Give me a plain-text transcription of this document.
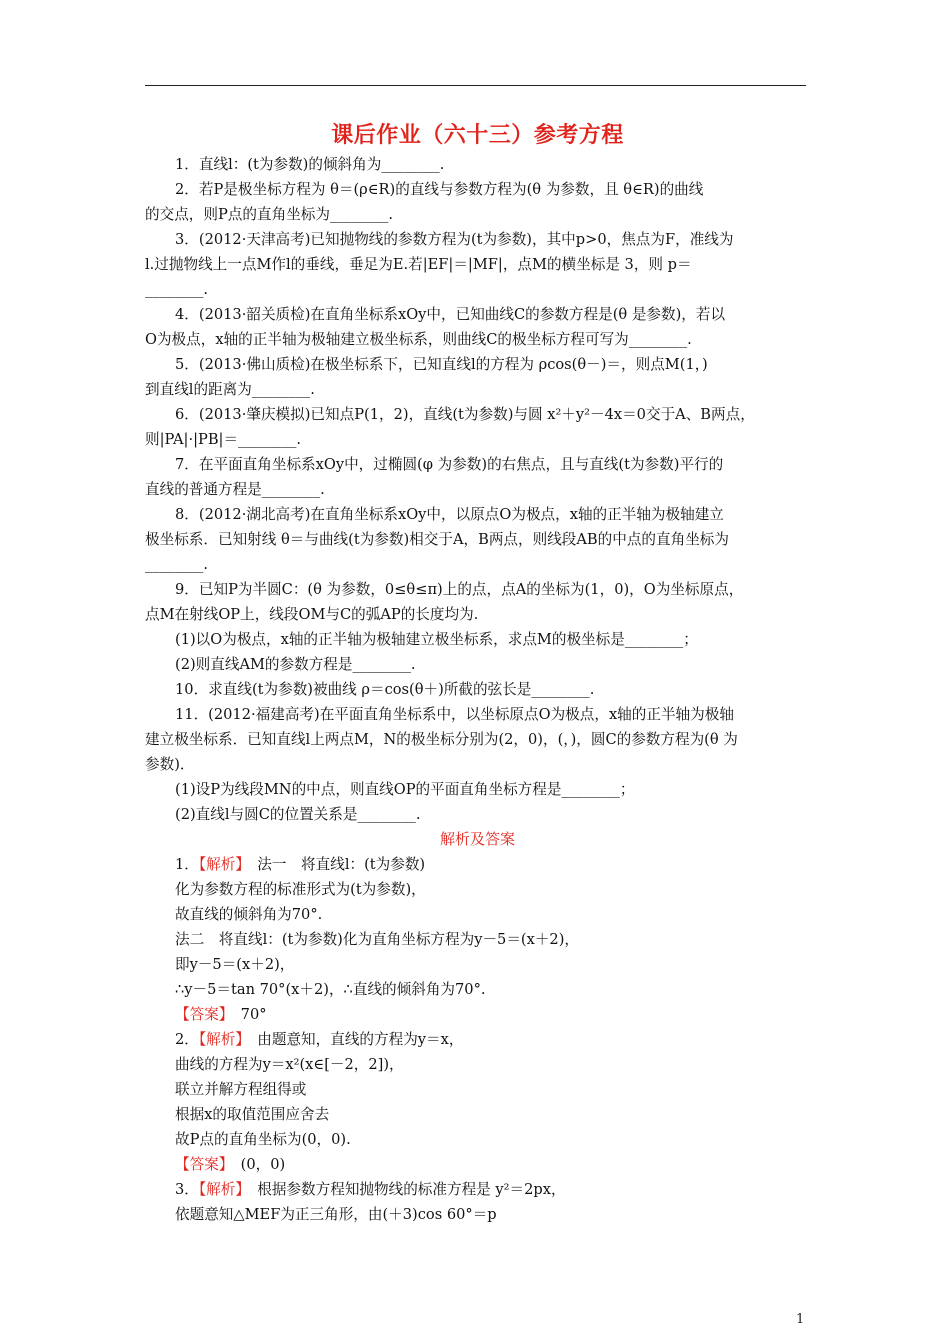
课后作业（六十三）参考方程
1．直线l：(t为参数)的倾斜角为________.
2．若P是极坐标方程为 θ＝(ρ∈R)的直线与参数方程为(θ 为参数，且 θ∈R)的曲线
的交点，则P点的直角坐标为________.
3．(2012·天津高考)已知抛物线的参数方程为(t为参数)，其中p>0，焦点为F，准线为
l.过抛物线上一点M作l的垂线，垂足为E.若|EF|＝|MF|，点M的横坐标是 3，则 p＝
________.
4．(2013·韶关质检)在直角坐标系xOy中，已知曲线C的参数方程是(θ 是参数)，若以
O为极点，x轴的正半轴为极轴建立极坐标系，则曲线C的极坐标方程可写为________.
5．(2013·佛山质检)在极坐标系下，已知直线l的方程为 ρcos(θ－)＝，则点M(1，)
到直线l的距离为________.
6．(2013·肇庆模拟)已知点P(1，2)，直线(t为参数)与圆 x²＋y²－4x＝0交于A、B两点，
则|PA|·|PB|＝________.
7．在平面直角坐标系xOy中，过椭圆(φ 为参数)的右焦点，且与直线(t为参数)平行的
直线的普通方程是________.
8．(2012·湖北高考)在直角坐标系xOy中，以原点O为极点，x轴的正半轴为极轴建立
极坐标系．已知射线 θ＝与曲线(t为参数)相交于A，B两点，则线段AB的中点的直角坐标为
________.
9．已知P为半圆C：(θ 为参数，0≤θ≤π)上的点，点A的坐标为(1，0)，O为坐标原点，
点M在射线OP上，线段OM与C的弧AP的长度均为.
(1)以O为极点，x轴的正半轴为极轴建立极坐标系，求点M的极坐标是________；
(2)则直线AM的参数方程是________.
10．求直线(t为参数)被曲线 ρ＝cos(θ＋)所截的弦长是________.
11．(2012·福建高考)在平面直角坐标系中，以坐标原点O为极点，x轴的正半轴为极轴
建立极坐标系．已知直线l上两点M，N的极坐标分别为(2，0)，(，)，圆C的参数方程为(θ 为
参数)．
(1)设P为线段MN的中点，则直线OP的平面直角坐标方程是________；
(2)直线l与圆C的位置关系是________.
解析及答案
1．【解析】　法一　将直线l：(t为参数)
化为参数方程的标准形式为(t为参数)，
故直线的倾斜角为70°.
法二　将直线l：(t为参数)化为直角坐标方程为y－5＝(x＋2)，
即y－5＝(x＋2)，
∴y－5＝tan 70°(x＋2)，∴直线的倾斜角为70°.
【答案】　70°
2．【解析】　由题意知，直线的方程为y＝x，
曲线的方程为y＝x²(x∈[－2，2])，
联立并解方程组得或
根据x的取值范围应舍去
故P点的直角坐标为(0，0).
【答案】　(0，0)
3．【解析】　根据参数方程知抛物线的标准方程是 y²＝2px，
依题意知△MEF为正三角形，由(＋3)cos 60°＝p
1
